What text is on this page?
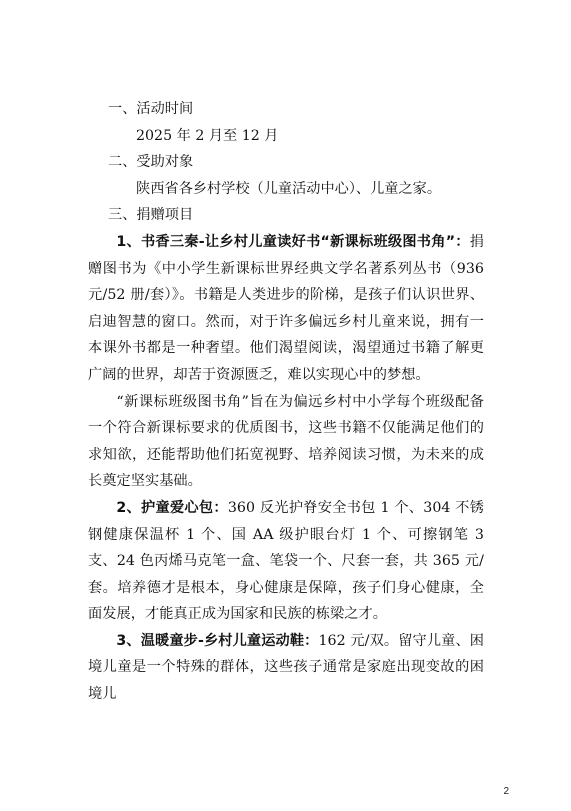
一、活动时间

2025 年 2 月至 12 月

二、受助对象

陕西省各乡村学校（儿童活动中心）、儿童之家。

三、捐赠项目

1、书香三秦-让乡村儿童读好书“新课标班级图书角”：捐赠图书为《中小学生新课标世界经典文学名著系列丛书（936 元/52 册/套）》。书籍是人类进步的阶梯，是孩子们认识世界、启迪智慧的窗口。然而，对于许多偏远乡村儿童来说，拥有一本课外书都是一种奢望。他们渴望阅读，渴望通过书籍了解更广阔的世界，却苦于资源匮乏，难以实现心中的梦想。

“新课标班级图书角”旨在为偏远乡村中小学每个班级配备一个符合新课标要求的优质图书，这些书籍不仅能满足他们的求知欲，还能帮助他们拓宽视野、培养阅读习惯，为未来的成长奠定坚实基础。

2、护童爱心包：360 反光护脊安全书包 1 个、304 不锈钢健康保温杯 1 个、国 AA 级护眼台灯 1 个、可擦钢笔 3 支、24 色丙烯马克笔一盒、笔袋一个、尺套一套，共 365 元/套。培养德才是根本，身心健康是保障，孩子们身心健康，全面发展，才能真正成为国家和民族的栋梁之才。

3、温暖童步-乡村儿童运动鞋：162 元/双。留守儿童、困境儿童是一个特殊的群体，这些孩子通常是家庭出现变故的困境儿

2
